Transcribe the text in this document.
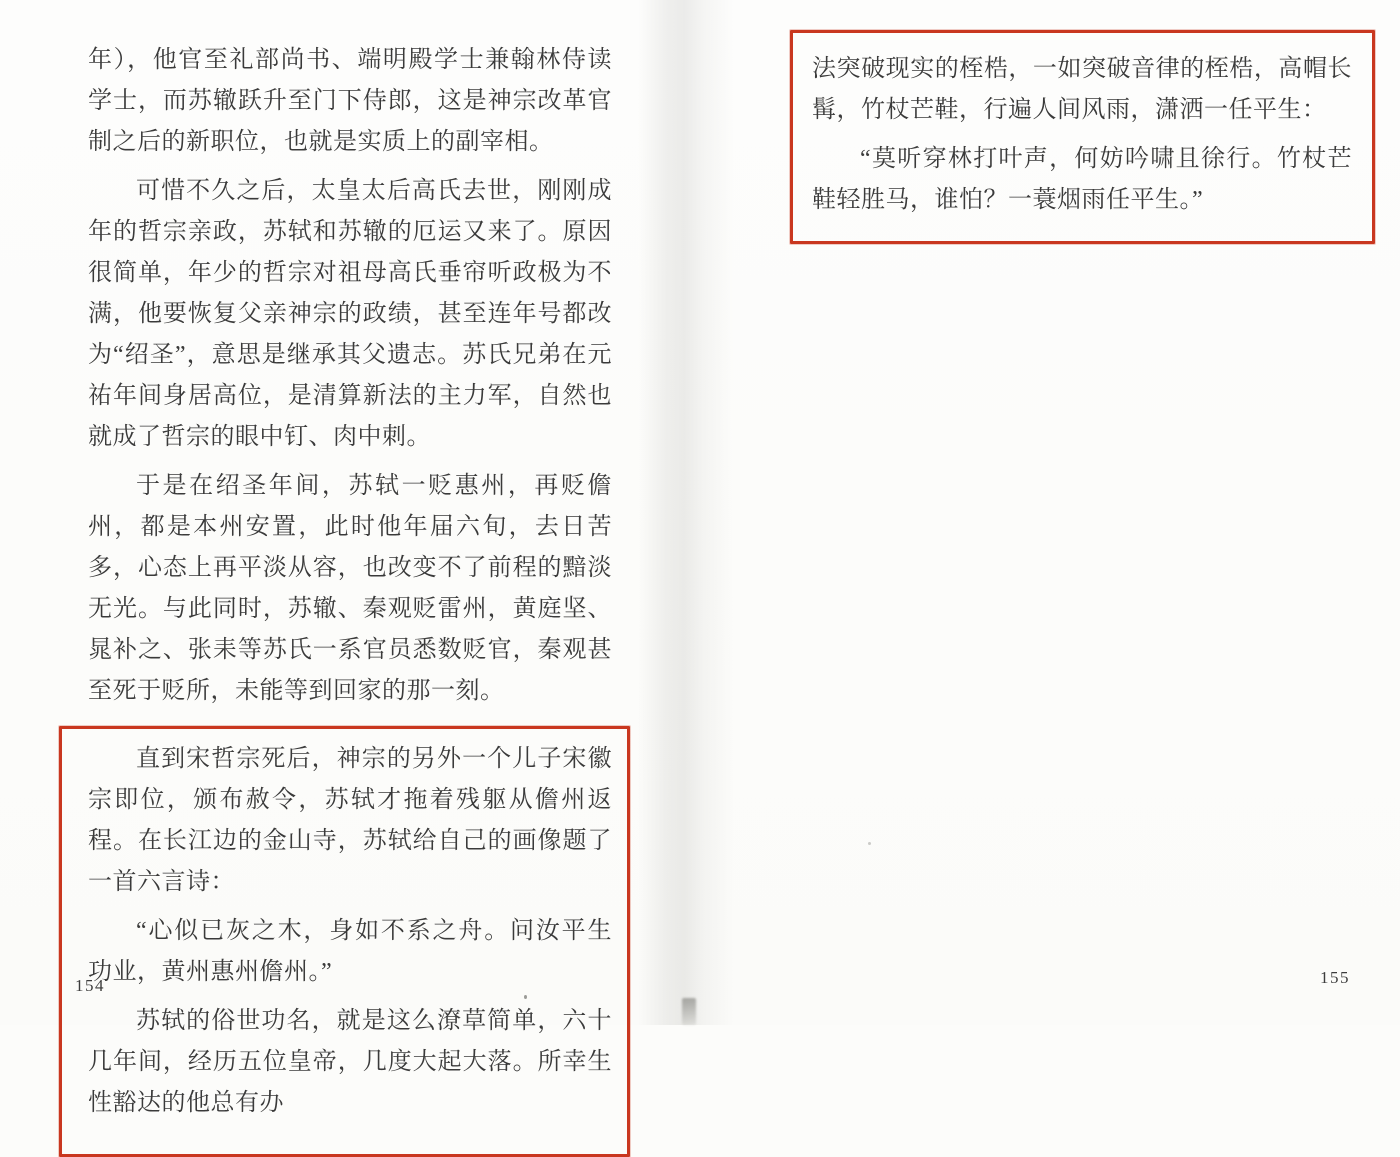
年），他官至礼部尚书、端明殿学士兼翰林侍读学士，而苏辙跃升至门下侍郎，这是神宗改革官制之后的新职位，也就是实质上的副宰相。

可惜不久之后，太皇太后高氏去世，刚刚成年的哲宗亲政，苏轼和苏辙的厄运又来了。原因很简单，年少的哲宗对祖母高氏垂帘听政极为不满，他要恢复父亲神宗的政绩，甚至连年号都改为“绍圣”，意思是继承其父遗志。苏氏兄弟在元祐年间身居高位，是清算新法的主力军，自然也就成了哲宗的眼中钉、肉中刺。

于是在绍圣年间，苏轼一贬惠州，再贬儋州，都是本州安置，此时他年届六旬，去日苦多，心态上再平淡从容，也改变不了前程的黯淡无光。与此同时，苏辙、秦观贬雷州，黄庭坚、晁补之、张耒等苏氏一系官员悉数贬官，秦观甚至死于贬所，未能等到回家的那一刻。

直到宋哲宗死后，神宗的另外一个儿子宋徽宗即位，颁布赦令，苏轼才拖着残躯从儋州返程。在长江边的金山寺，苏轼给自己的画像题了一首六言诗：

“心似已灰之木，身如不系之舟。问汝平生功业，黄州惠州儋州。”

苏轼的俗世功名，就是这么潦草简单，六十几年间，经历五位皇帝，几度大起大落。所幸生性豁达的他总有办

法突破现实的桎梏，一如突破音律的桎梏，高帽长髯，竹杖芒鞋，行遍人间风雨，潇洒一任平生：

“莫听穿林打叶声，何妨吟啸且徐行。竹杖芒鞋轻胜马，谁怕？一蓑烟雨任平生。”

154	155
